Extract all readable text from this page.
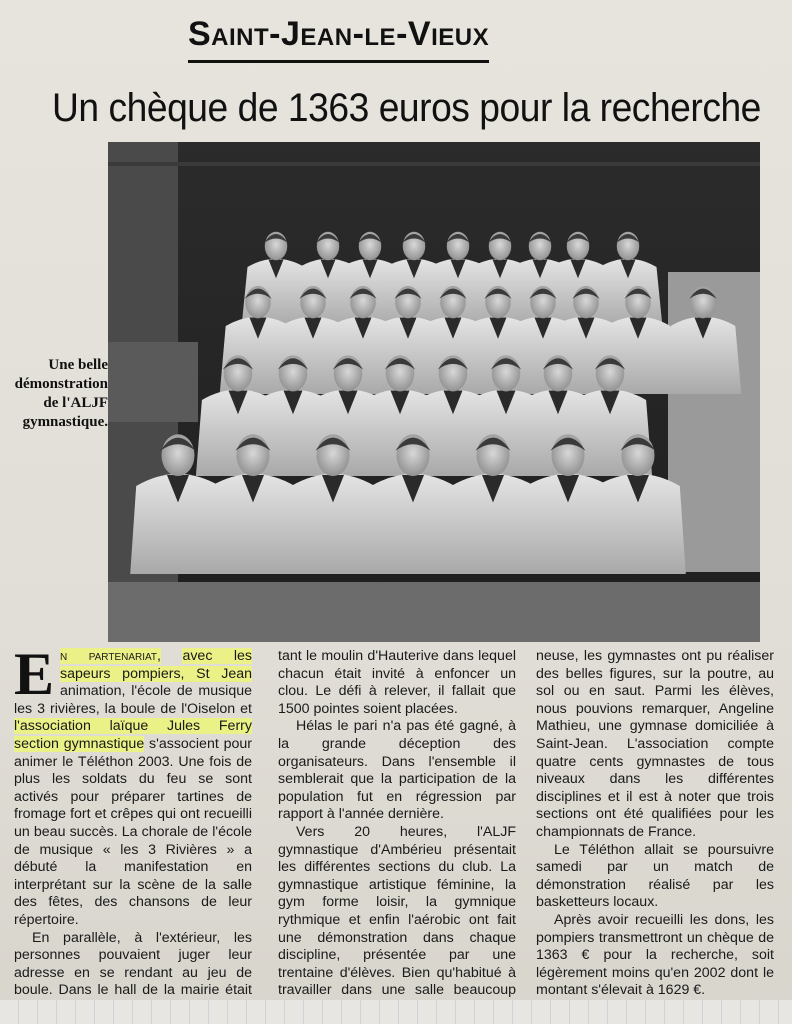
Saint-Jean-le-Vieux
Un chèque de 1363 euros pour la recherche
Une belle démonstration de l'ALJF gymnastique.

En partenariat, avec les sapeurs pompiers, St Jean animation, l'école de musique les 3 rivières, la boule de l'Oiselon et l'association laïque Jules Ferry section gymnastique s'associent pour animer le Téléthon 2003. Une fois de plus les soldats du feu se sont activés pour préparer tartines de fromage fort et crêpes qui ont recueilli un beau succès. La chorale de l'école de musique « les 3 Rivières » a débuté la manifestation en interprétant sur la scène de la salle des fêtes, des chansons de leur répertoire.

En parallèle, à l'extérieur, les personnes pouvaient juger leur adresse en se rendant au jeu de boule. Dans le hall de la mairie était

tant le moulin d'Hauterive dans lequel chacun était invité à enfoncer un clou. Le défi à relever, il fallait que 1500 pointes soient placées.

Hélas le pari n'a pas été gagné, à la grande déception des organisateurs. Dans l'ensemble il semblerait que la participation de la population fut en régression par rapport à l'année dernière.

Vers 20 heures, l'ALJF gymnastique d'Ambérieu présentait les différentes sections du club. La gymnastique artistique féminine, la gym forme loisir, la gymnique rythmique et enfin l'aérobic ont fait une démonstration dans chaque discipline, présentée par une trentaine d'élèves. Bien qu'habitué à travailler dans une salle beaucoup

neuse, les gymnastes ont pu réaliser des belles figures, sur la poutre, au sol ou en saut. Parmi les élèves, nous pouvions remarquer, Angeline Mathieu, une gymnase domiciliée à Saint-Jean. L'association compte quatre cents gymnastes de tous niveaux dans les différentes disciplines et il est à noter que trois sections ont été qualifiées pour les championnats de France.

Le Téléthon allait se poursuivre samedi par un match de démonstration réalisé par les basketteurs locaux.

Après avoir recueilli les dons, les pompiers transmettront un chèque de 1363 € pour la recherche, soit légèrement moins qu'en 2002 dont le montant s'élevait à 1629 €.
